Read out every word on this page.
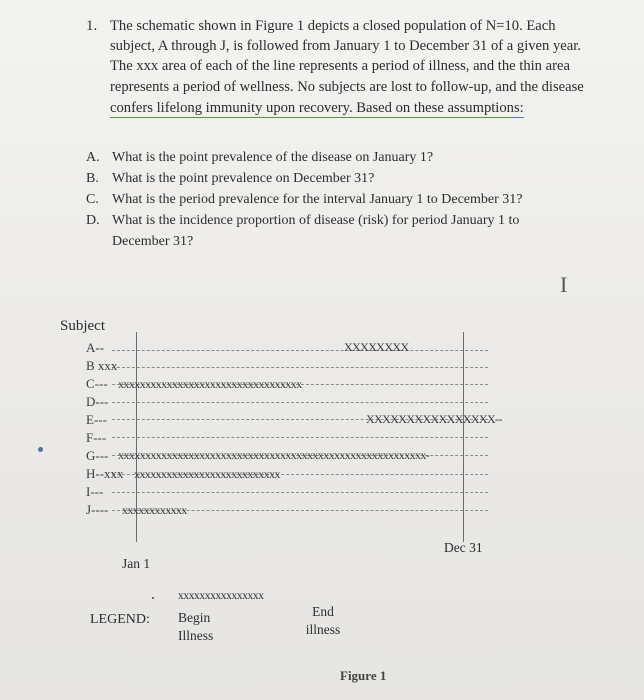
1. The schematic shown in Figure 1 depicts a closed population of N=10. Each
subject, A through J, is followed from January 1 to December 31 of a given year.
The xxx area of each of the line represents a period of illness, and the thin area
represents a period of wellness. No subjects are lost to follow-up, and the disease
confers lifelong immunity upon recovery. Based on these assumptions:
A. What is the point prevalence of the disease on January 1?
B. What is the point prevalence on December 31?
C. What is the period prevalence for the interval January 1 to December 31?
D. What is the incidence proportion of disease (risk) for period January 1 to
December 31?
I
Subject
A--
B xxx
C---
D---
E---
F---
G---
H--xxx
I---
J----
XXXXXXXX
xxxxxxxxxxxxxxxxxxxxxxxxxxxxxxxxxx
XXXXXXXXXXXXXXXX--
xxxxxxxxxxxxxxxxxxxxxxxxxxxxxxxxxxxxxxxxxxxxxxxxxxxxxxxxx-
xxxxxxxxxxxxxxxxxxxxxxxxxxx
xxxxxxxxxxxx
Dec 31
Jan 1
xxxxxxxxxxxxxxxx
LEGEND: Begin Illness
End illness
Figure 1
